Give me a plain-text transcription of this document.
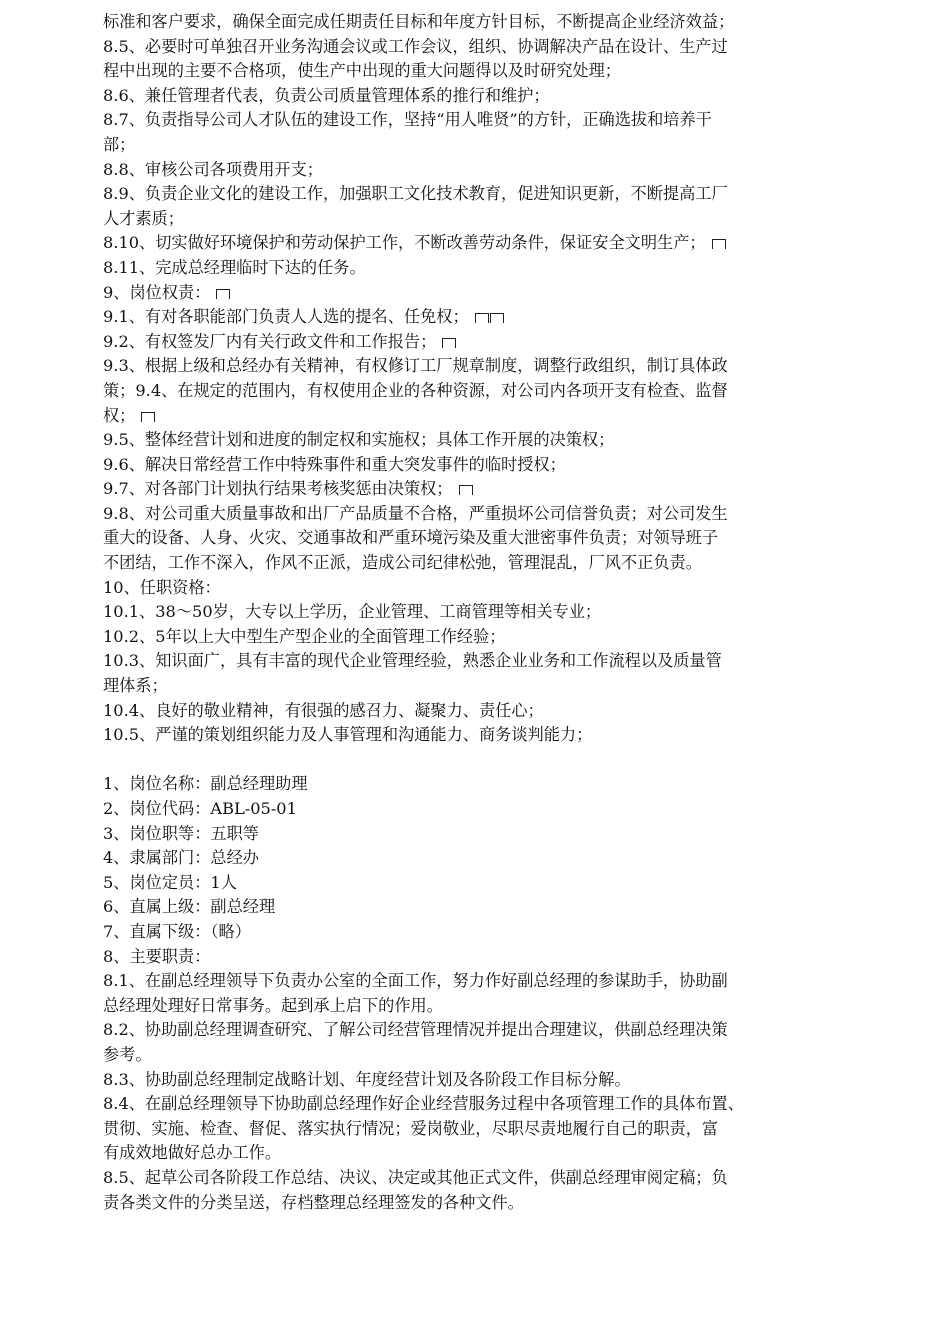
标准和客户要求，确保全面完成任期责任目标和年度方针目标，不断提高企业经济效益；
8.5、必要时可单独召开业务沟通会议或工作会议，组织、协调解决产品在设计、生产过
程中出现的主要不合格项，使生产中出现的重大问题得以及时研究处理；
8.6、兼任管理者代表，负责公司质量管理体系的推行和维护；
8.7、负责指导公司人才队伍的建设工作，坚持“用人唯贤”的方针，正确选拔和培养干
部；
8.8、审核公司各项费用开支；
8.9、负责企业文化的建设工作，加强职工文化技术教育，促进知识更新，不断提高工厂
人才素质；
8.10、切实做好环境保护和劳动保护工作，不断改善劳动条件，保证安全文明生产；
8.11、完成总经理临时下达的任务。
9、岗位权责：
9.1、有对各职能部门负责人人选的提名、任免权；
9.2、有权签发厂内有关行政文件和工作报告；
9.3、根据上级和总经办有关精神，有权修订工厂规章制度，调整行政组织，制订具体政
策；9.4、在规定的范围内，有权使用企业的各种资源，对公司内各项开支有检查、监督
权；
9.5、整体经营计划和进度的制定权和实施权；具体工作开展的决策权；
9.6、解决日常经营工作中特殊事件和重大突发事件的临时授权；
9.7、对各部门计划执行结果考核奖惩由决策权；
9.8、对公司重大质量事故和出厂产品质量不合格，严重损坏公司信誉负责；对公司发生
重大的设备、人身、火灾、交通事故和严重环境污染及重大泄密事件负责；对领导班子
不团结，工作不深入，作风不正派，造成公司纪律松弛，管理混乱，厂风不正负责。
10、任职资格：
10.1、38～50岁，大专以上学历，企业管理、工商管理等相关专业；
10.2、5年以上大中型生产型企业的全面管理工作经验；
10.3、知识面广，具有丰富的现代企业管理经验，熟悉企业业务和工作流程以及质量管
理体系；
10.4、良好的敬业精神，有很强的感召力、凝聚力、责任心；
10.5、严谨的策划组织能力及人事管理和沟通能力、商务谈判能力；
1、岗位名称：副总经理助理
2、岗位代码：ABL-05-01
3、岗位职等：五职等
4、隶属部门：总经办
5、岗位定员：1人
6、直属上级：副总经理
7、直属下级：（略）
8、主要职责：
8.1、在副总经理领导下负责办公室的全面工作，努力作好副总经理的参谋助手，协助副
总经理处理好日常事务。起到承上启下的作用。
8.2、协助副总经理调查研究、了解公司经营管理情况并提出合理建议，供副总经理决策
参考。
8.3、协助副总经理制定战略计划、年度经营计划及各阶段工作目标分解。
8.4、在副总经理领导下协助副总经理作好企业经营服务过程中各项管理工作的具体布置、
贯彻、实施、检查、督促、落实执行情况；爱岗敬业，尽职尽责地履行自己的职责，富
有成效地做好总办工作。
8.5、起草公司各阶段工作总结、决议、决定或其他正式文件，供副总经理审阅定稿；负
责各类文件的分类呈送，存档整理总经理签发的各种文件。
